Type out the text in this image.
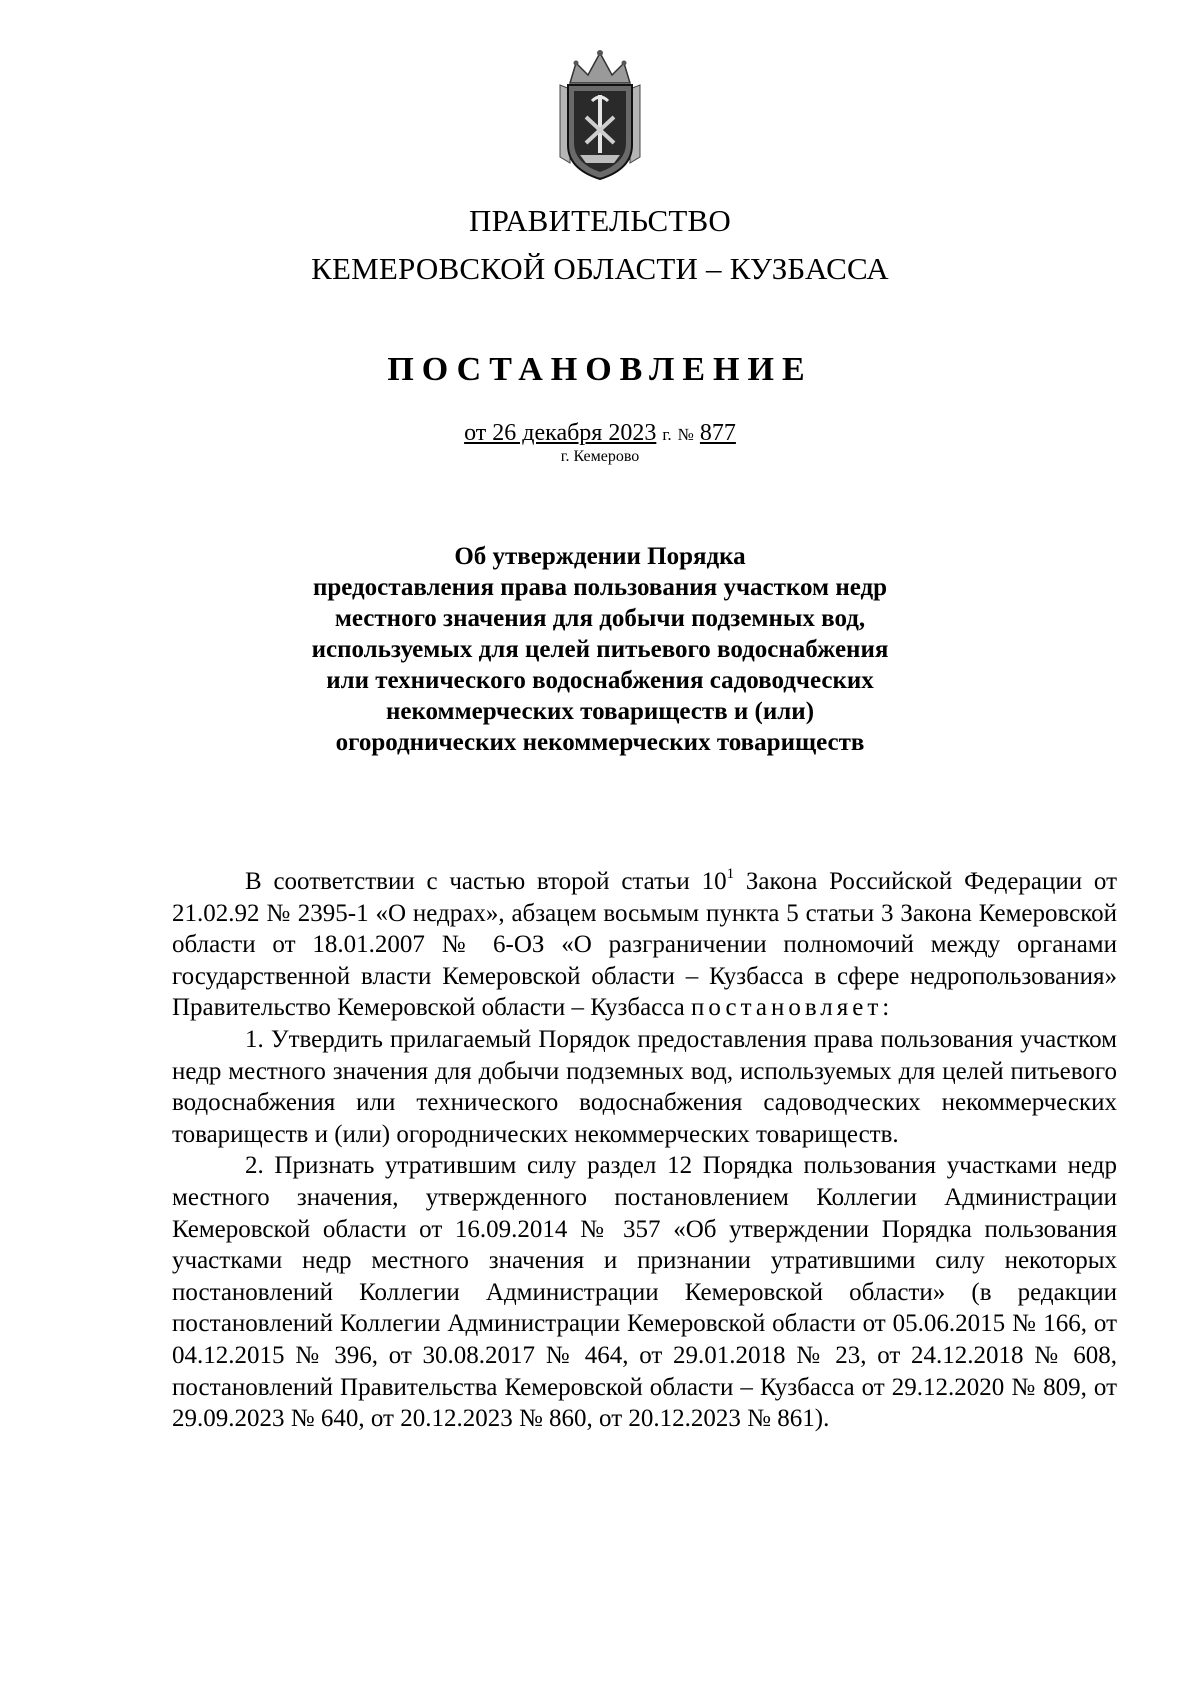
ПРАВИТЕЛЬСТВО
КЕМЕРОВСКОЙ ОБЛАСТИ – КУЗБАССА
ПОСТАНОВЛЕНИЕ
от 26 декабря 2023 г. № 877
г. Кемерово
Об утверждении Порядка
предоставления права пользования участком недр
местного значения для добычи подземных вод,
используемых для целей питьевого водоснабжения
или технического водоснабжения садоводческих
некоммерческих товариществ и (или)
огороднических некоммерческих товариществ

В соответствии с частью второй статьи $10^1$ Закона Российской Федерации от 21.02.92 № 2395-1 «О недрах», абзацем восьмым пункта 5 статьи 3 Закона Кемеровской области от 18.01.2007 № 6-ОЗ «О разграничении полномочий между органами государственной власти Кемеровской области – Кузбасса в сфере недропользования» Правительство Кемеровской области – Кузбасса постановляет:

1. Утвердить прилагаемый Порядок предоставления права пользования участком недр местного значения для добычи подземных вод, используемых для целей питьевого водоснабжения или технического водоснабжения садоводческих некоммерческих товариществ и (или) огороднических некоммерческих товариществ.

2. Признать утратившим силу раздел 12 Порядка пользования участками недр местного значения, утвержденного постановлением Коллегии Администрации Кемеровской области от 16.09.2014 № 357 «Об утверждении Порядка пользования участками недр местного значения и признании утратившими силу некоторых постановлений Коллегии Администрации Кемеровской области» (в редакции постановлений Коллегии Администрации Кемеровской области от 05.06.2015 № 166, от 04.12.2015 № 396, от 30.08.2017 № 464, от 29.01.2018 № 23, от 24.12.2018 № 608, постановлений Правительства Кемеровской области – Кузбасса от 29.12.2020 № 809, от 29.09.2023 № 640, от 20.12.2023 № 860, от 20.12.2023 № 861).
